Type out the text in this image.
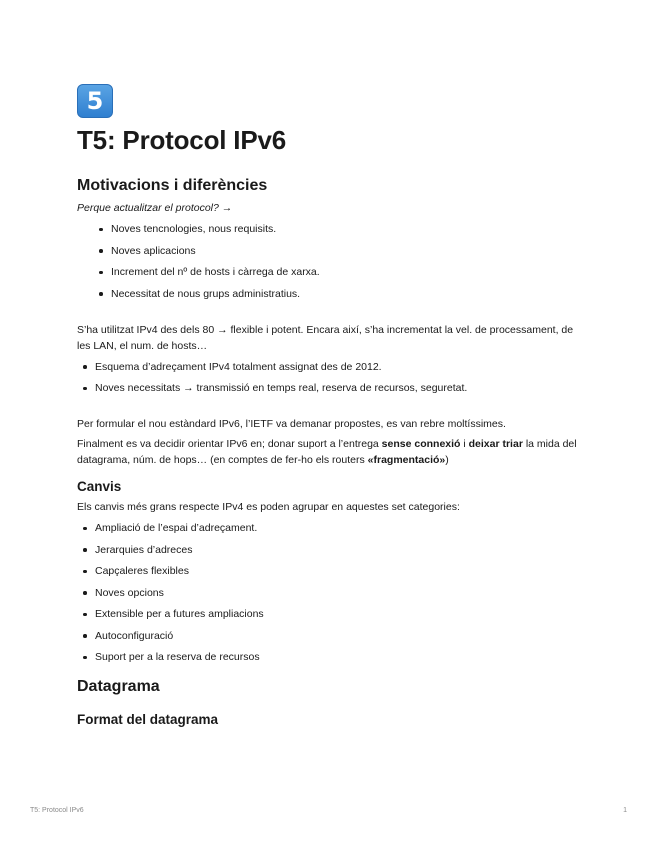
5
T5: Protocol IPv6
Motivacions i diferències

Perque actualitzar el protocol? →

Noves tencnologies, nous requisits.
Noves aplicacions
Increment del nº de hosts i càrrega de xarxa.
Necessitat de nous grups administratius.

S’ha utilitzat IPv4 des dels 80 → flexible i potent. Encara així, s’ha incrementat la vel. de processament, de les LAN, el num. de hosts…

Esquema d’adreçament IPv4 totalment assignat des de 2012.
Noves necessitats → transmissió en temps real, reserva de recursos, seguretat.

Per formular el nou estàndard IPv6, l’IETF va demanar propostes, es van rebre moltíssimes.

Finalment es va decidir orientar IPv6 en; donar suport a l’entrega sense connexió i deixar triar la mida del datagrama, núm. de hops… (en comptes de fer-ho els routers «fragmentació»)

Canvis

Els canvis més grans respecte IPv4 es poden agrupar en aquestes set categories:

Ampliació de l’espai d’adreçament.
Jerarquies d’adreces
Capçaleres flexibles
Noves opcions
Extensible per a futures ampliacions
Autoconfiguració
Suport per a la reserva de recursos
Datagrama
Format del datagrama
T5: Protocol IPv6	1
